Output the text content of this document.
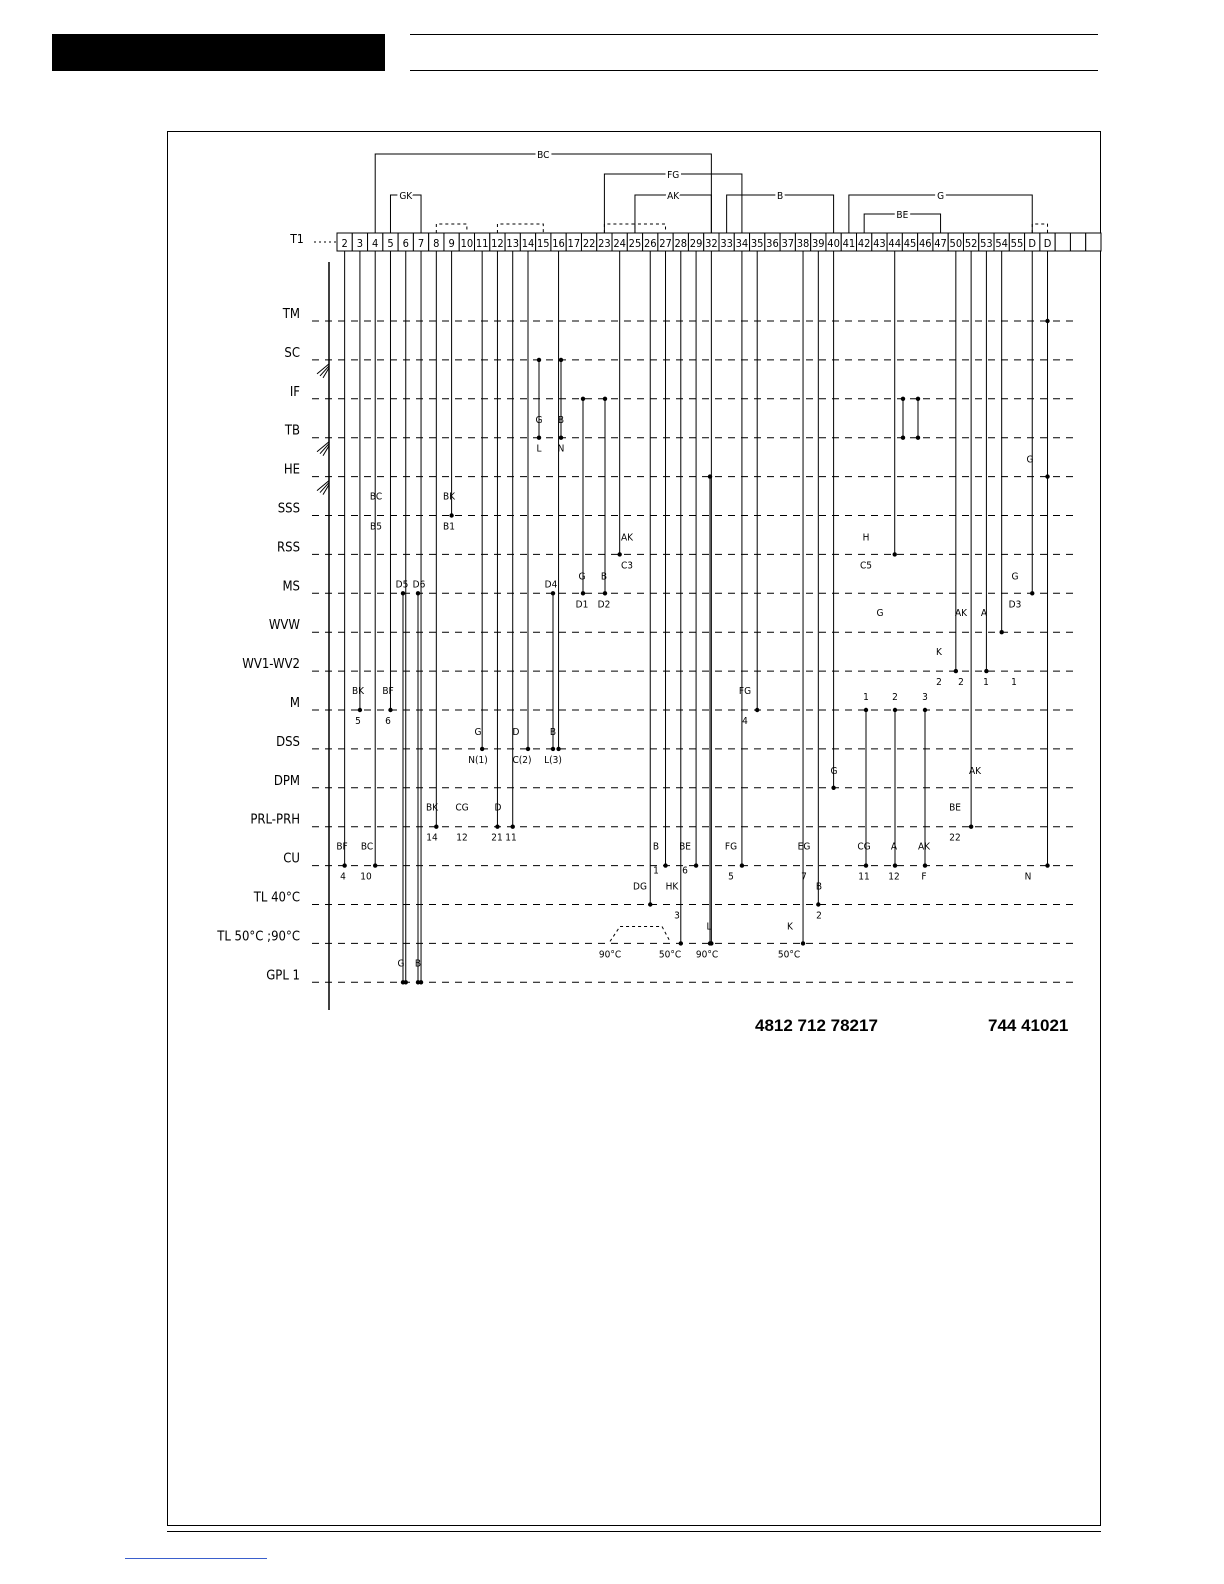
TM
SC
IF
TB
HE
SSS
RSS
MS
WVW
WV1-WV2
M
DSS
DPM
PRL-PRH
CU
TL 40°C
TL 50°C ;90°C
GPL 1
T1	2 3 4 5 6 7 8 9 10 11 12 13 14 15 16 17 22 23 24 25 26 27 28 29 32 33 34 35 36 37 38 39 40 41 42 43 44 45 46 47 50 52 53 54 55 D D
BC
FG
GK	AK	B	G
BE
BC
B5
BK
B1
G B
L N
AK
C3
D5 D6	D4
G
D1
B
D2
H
C5
G
D3
G
G	AK A
K
2 2 1 1
BK
5
BF
6
FG
4
1 2 3
G
N(1)
D
C(2)
B
L(3)
G	AK
BK
14
CG
12
D
21 11
BE
22
BF
4
BC
10
B
1
BE
6
FG
5
EG
7
CG
11
A
12
AK
F	N
DG HK
3
B
2
90°C	50°C
L
90°C
K
50°C
G B
4812 712 78217	744 41021
